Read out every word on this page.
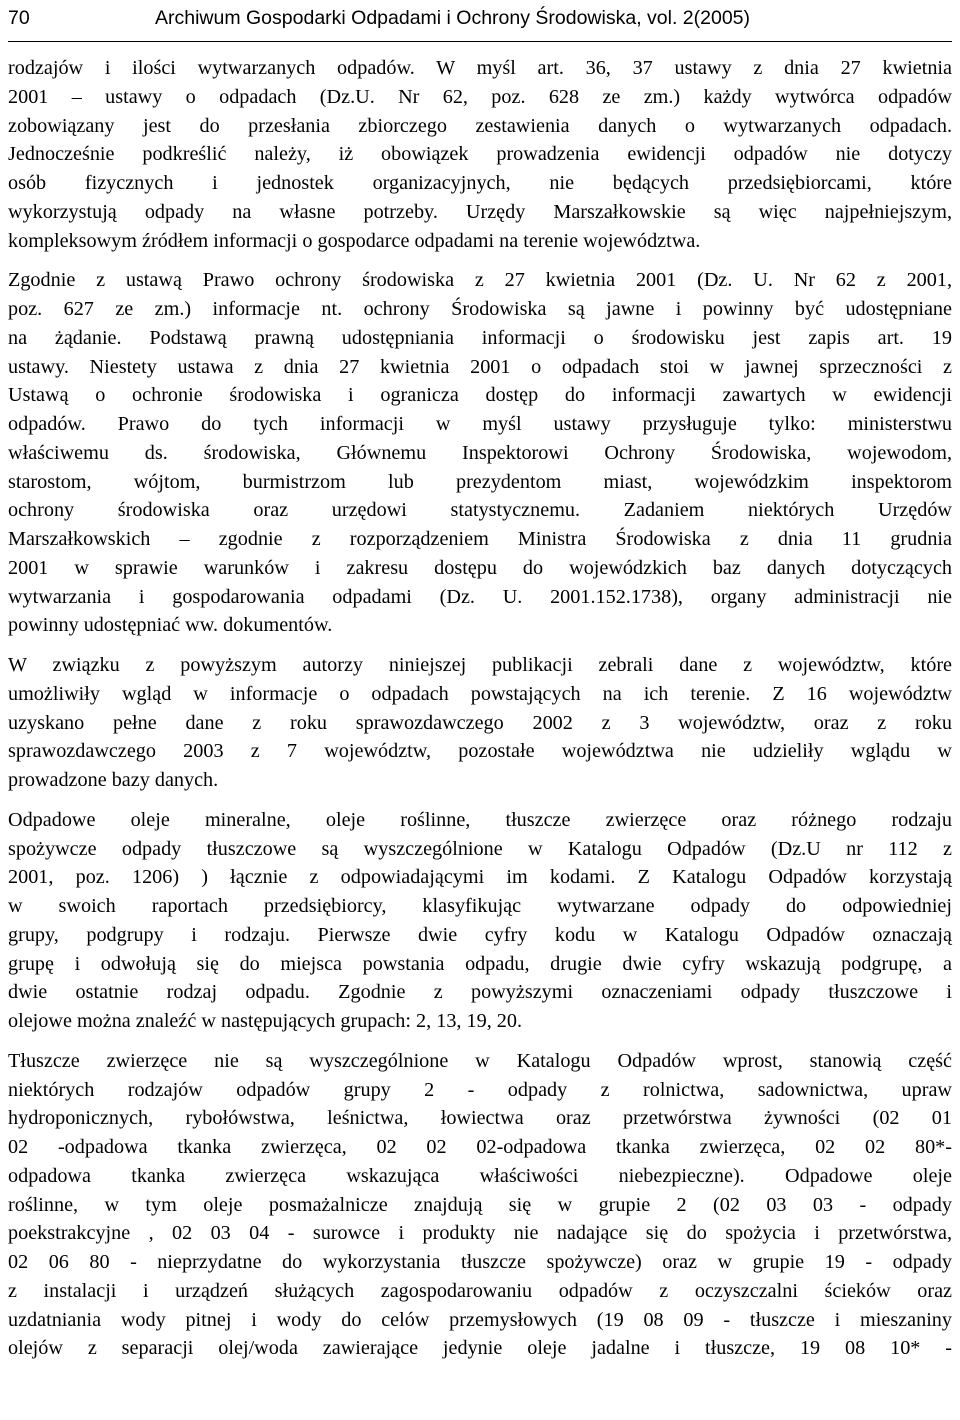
70	Archiwum Gospodarki Odpadami i Ochrony Środowiska, vol. 2(2005)
rodzajów i ilości wytwarzanych odpadów. W myśl art. 36, 37 ustawy z dnia 27 kwietnia
2001 – ustawy o odpadach (Dz.U. Nr 62, poz. 628 ze zm.) każdy wytwórca odpadów
zobowiązany jest do przesłania zbiorczego zestawienia danych o wytwarzanych odpadach.
Jednocześnie podkreślić należy, iż obowiązek prowadzenia ewidencji odpadów nie dotyczy
osób fizycznych i jednostek organizacyjnych, nie będących przedsiębiorcami, które
wykorzystują odpady na własne potrzeby. Urzędy Marszałkowskie są więc najpełniejszym,
kompleksowym źródłem informacji o gospodarce odpadami na terenie województwa.
Zgodnie z ustawą Prawo ochrony środowiska z 27 kwietnia 2001 (Dz. U. Nr 62 z 2001,
poz. 627 ze zm.) informacje nt. ochrony Środowiska są jawne i powinny być udostępniane
na żądanie. Podstawą prawną udostępniania informacji o środowisku jest zapis art. 19
ustawy. Niestety ustawa z dnia 27 kwietnia 2001 o odpadach stoi w jawnej sprzeczności z
Ustawą o ochronie środowiska i ogranicza dostęp do informacji zawartych w ewidencji
odpadów. Prawo do tych informacji w myśl ustawy przysługuje tylko: ministerstwu
właściwemu ds. środowiska, Głównemu Inspektorowi Ochrony Środowiska, wojewodom,
starostom, wójtom, burmistrzom lub prezydentom miast, wojewódzkim inspektorom
ochrony środowiska oraz urzędowi statystycznemu. Zadaniem niektórych Urzędów
Marszałkowskich – zgodnie z rozporządzeniem Ministra Środowiska z dnia 11 grudnia
2001 w sprawie warunków i zakresu dostępu do wojewódzkich baz danych dotyczących
wytwarzania i gospodarowania odpadami (Dz. U. 2001.152.1738), organy administracji nie
powinny udostępniać ww. dokumentów.
W związku z powyższym autorzy niniejszej publikacji zebrali dane z województw, które
umożliwiły wgląd w informacje o odpadach powstających na ich terenie. Z 16 województw
uzyskano pełne dane z roku sprawozdawczego 2002 z 3 województw, oraz z roku
sprawozdawczego 2003 z 7 województw, pozostałe województwa nie udzieliły wglądu w
prowadzone bazy danych.
Odpadowe oleje mineralne, oleje roślinne, tłuszcze zwierzęce oraz różnego rodzaju
spożywcze odpady tłuszczowe są wyszczególnione w Katalogu Odpadów (Dz.U nr 112 z
2001, poz. 1206) ) łącznie z odpowiadającymi im kodami. Z Katalogu Odpadów korzystają
w swoich raportach przedsiębiorcy, klasyfikując wytwarzane odpady do odpowiedniej
grupy, podgrupy i rodzaju. Pierwsze dwie cyfry kodu w Katalogu Odpadów oznaczają
grupę i odwołują się do miejsca powstania odpadu, drugie dwie cyfry wskazują podgrupę, a
dwie ostatnie rodzaj odpadu. Zgodnie z powyższymi oznaczeniami odpady tłuszczowe i
olejowe można znaleźć w następujących grupach: 2, 13, 19, 20.
Tłuszcze zwierzęce nie są wyszczególnione w Katalogu Odpadów wprost, stanowią część
niektórych rodzajów odpadów grupy 2 - odpady z rolnictwa, sadownictwa, upraw
hydroponicznych, rybołówstwa, leśnictwa, łowiectwa oraz przetwórstwa żywności (02 01
02 -odpadowa tkanka zwierzęca, 02 02 02-odpadowa tkanka zwierzęca, 02 02 80*-
odpadowa tkanka zwierzęca wskazująca właściwości niebezpieczne). Odpadowe oleje
roślinne, w tym oleje posmażalnicze znajdują się w grupie 2 (02 03 03 - odpady
poekstrakcyjne , 02 03 04 - surowce i produkty nie nadające się do spożycia i przetwórstwa,
02 06 80 - nieprzydatne do wykorzystania tłuszcze spożywcze) oraz w grupie 19 - odpady
z instalacji i urządzeń służących zagospodarowaniu odpadów z oczyszczalni ścieków oraz
uzdatniania wody pitnej i wody do celów przemysłowych (19 08 09 - tłuszcze i mieszaniny
olejów z separacji olej/woda zawierające jedynie oleje jadalne i tłuszcze, 19 08 10* -
